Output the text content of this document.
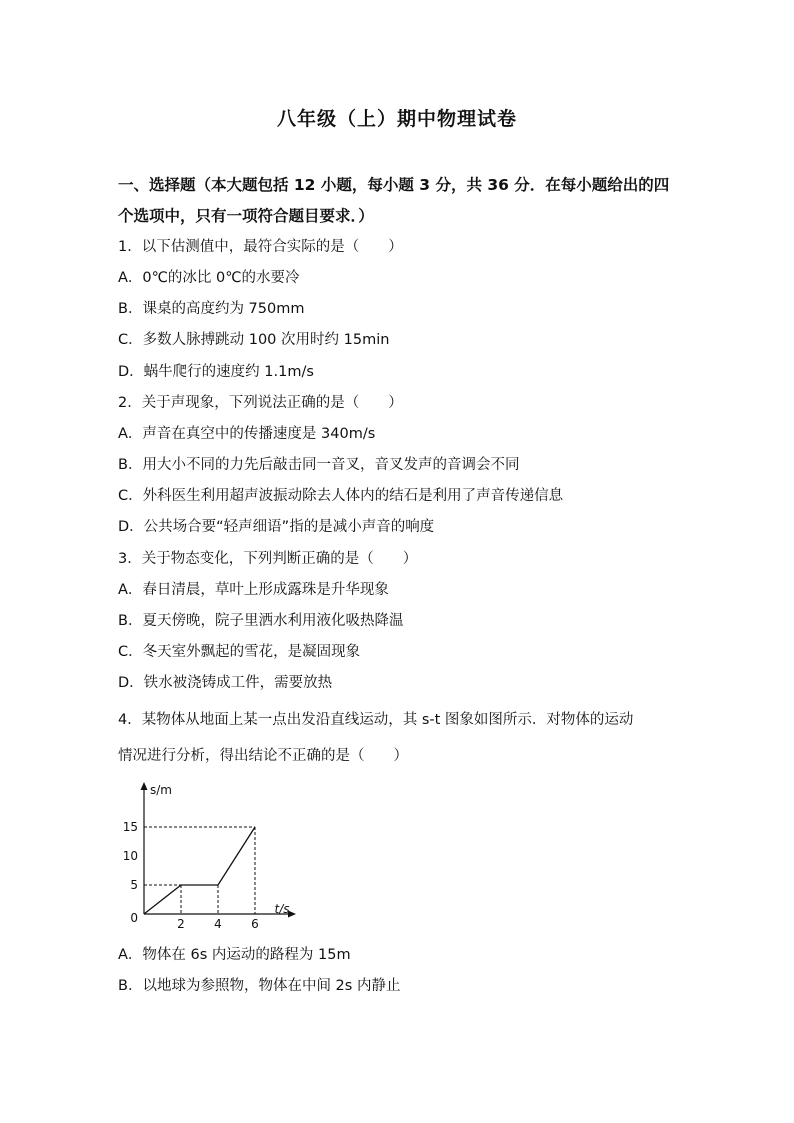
八年级（上）期中物理试卷
一、选择题（本大题包括 12 小题，每小题 3 分，共 36 分．在每小题给出的四
个选项中，只有一项符合题目要求．）
1．以下估测值中，最符合实际的是（　　）
A．0℃的冰比 0℃的水要冷
B．课桌的高度约为 750mm
C．多数人脉搏跳动 100 次用时约 15min
D．蜗牛爬行的速度约 1.1m/s
2．关于声现象，下列说法正确的是（　　）
A．声音在真空中的传播速度是 340m/s
B．用大小不同的力先后敲击同一音叉，音叉发声的音调会不同
C．外科医生利用超声波振动除去人体内的结石是利用了声音传递信息
D．公共场合要“轻声细语”指的是减小声音的响度
3．关于物态变化，下列判断正确的是（　　）
A．春日清晨，草叶上形成露珠是升华现象
B．夏天傍晚，院子里洒水利用液化吸热降温
C．冬天室外飘起的雪花，是凝固现象
D．铁水被浇铸成工件，需要放热
4．某物体从地面上某一点出发沿直线运动，其 s-t 图象如图所示．对物体的运动
情况进行分析，得出结论不正确的是（　　）
2 4 6
5
10
15
0
s/m
t/s
A．物体在 6s 内运动的路程为 15m
B．以地球为参照物，物体在中间 2s 内静止
